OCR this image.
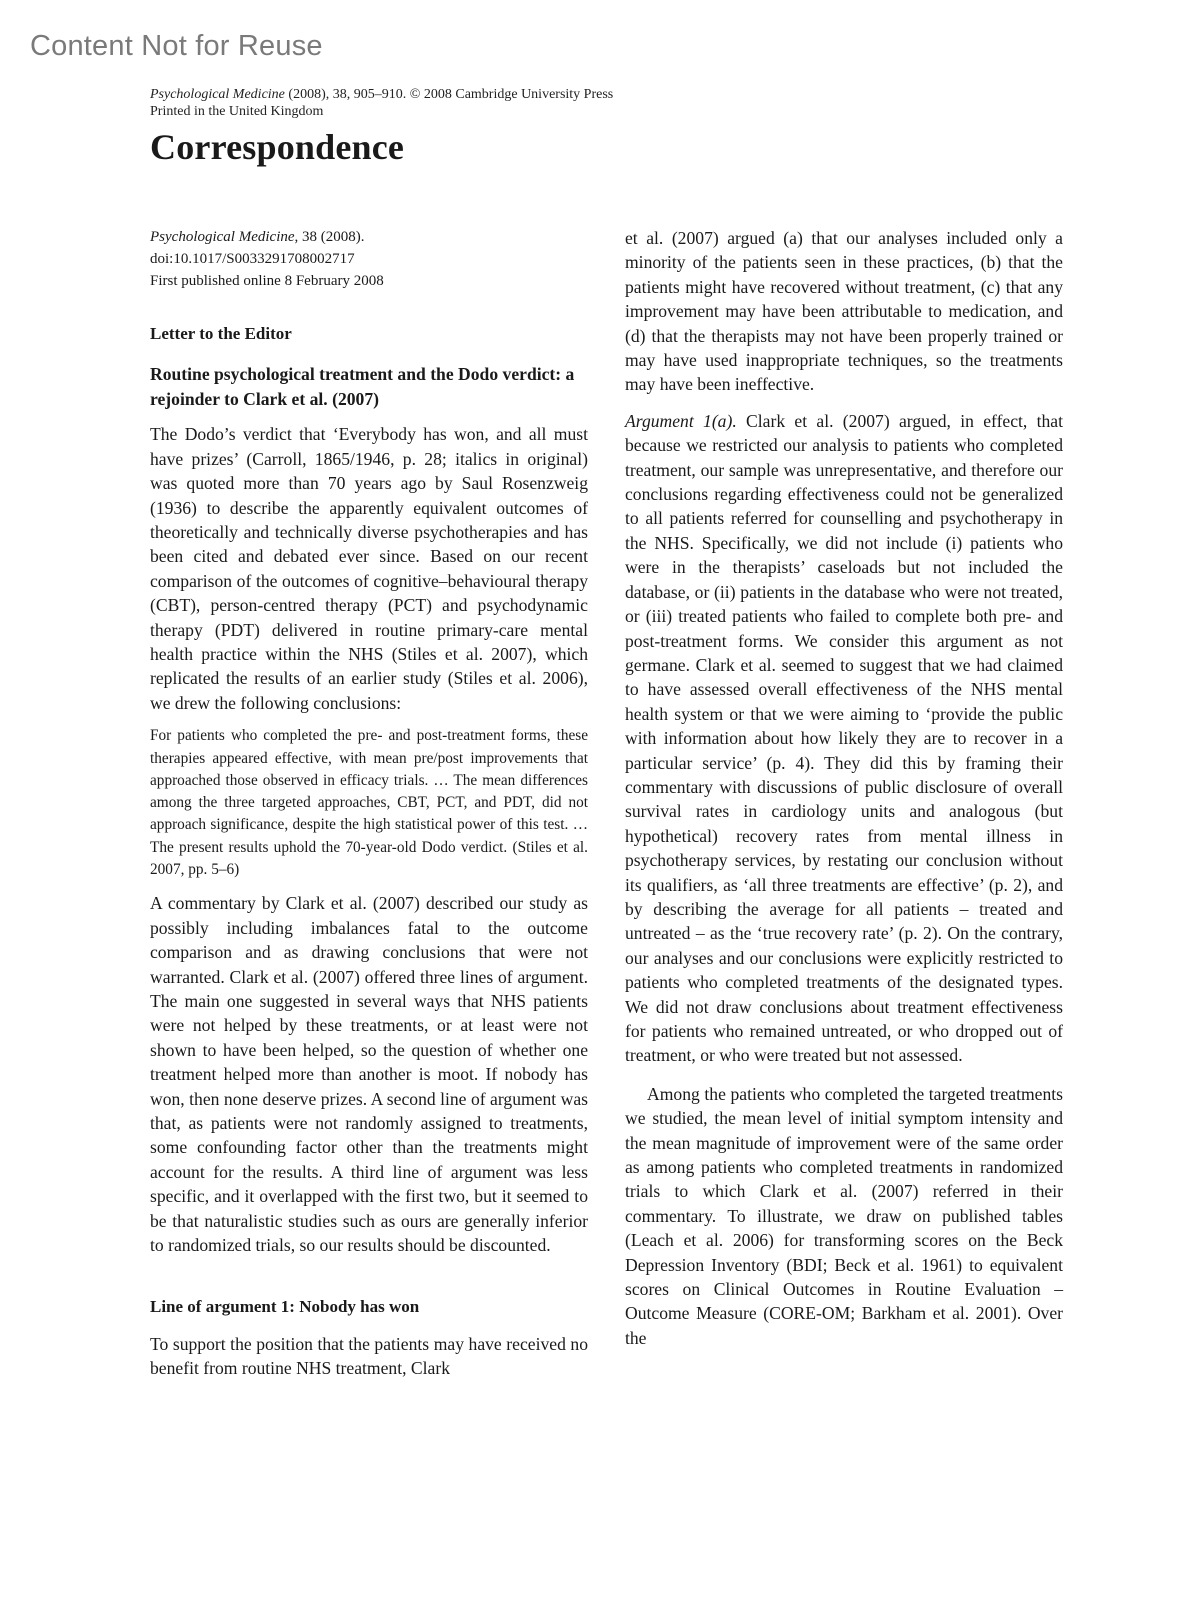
Content Not for Reuse
Psychological Medicine (2008), 38, 905–910. © 2008 Cambridge University Press
Printed in the United Kingdom
Correspondence
Psychological Medicine, 38 (2008).
doi:10.1017/S0033291708002717
First published online 8 February 2008
Letter to the Editor
Routine psychological treatment and the Dodo verdict: a rejoinder to Clark et al. (2007)

The Dodo’s verdict that ‘Everybody has won, and all must have prizes’ (Carroll, 1865/1946, p. 28; italics in original) was quoted more than 70 years ago by Saul Rosenzweig (1936) to describe the apparently equivalent outcomes of theoretically and technically diverse psychotherapies and has been cited and debated ever since. Based on our recent comparison of the outcomes of cognitive–behavioural therapy (CBT), person-centred therapy (PCT) and psychodynamic therapy (PDT) delivered in routine primary-care mental health practice within the NHS (Stiles et al. 2007), which replicated the results of an earlier study (Stiles et al. 2006), we drew the following conclusions:

For patients who completed the pre- and post-treatment forms, these therapies appeared effective, with mean pre/post improvements that approached those observed in efficacy trials. … The mean differences among the three targeted approaches, CBT, PCT, and PDT, did not approach significance, despite the high statistical power of this test. … The present results uphold the 70-year-old Dodo verdict. (Stiles et al. 2007, pp. 5–6)

A commentary by Clark et al. (2007) described our study as possibly including imbalances fatal to the outcome comparison and as drawing conclusions that were not warranted. Clark et al. (2007) offered three lines of argument. The main one suggested in several ways that NHS patients were not helped by these treatments, or at least were not shown to have been helped, so the question of whether one treatment helped more than another is moot. If nobody has won, then none deserve prizes. A second line of argument was that, as patients were not randomly assigned to treatments, some confounding factor other than the treatments might account for the results. A third line of argument was less specific, and it overlapped with the first two, but it seemed to be that naturalistic studies such as ours are generally inferior to randomized trials, so our results should be discounted.

Line of argument 1: Nobody has won

To support the position that the patients may have received no benefit from routine NHS treatment, Clark

et al. (2007) argued (a) that our analyses included only a minority of the patients seen in these practices, (b) that the patients might have recovered without treatment, (c) that any improvement may have been attributable to medication, and (d) that the therapists may not have been properly trained or may have used inappropriate techniques, so the treatments may have been ineffective.

Argument 1(a). Clark et al. (2007) argued, in effect, that because we restricted our analysis to patients who completed treatment, our sample was unrepresentative, and therefore our conclusions regarding effectiveness could not be generalized to all patients referred for counselling and psychotherapy in the NHS. Specifically, we did not include (i) patients who were in the therapists’ caseloads but not included the database, or (ii) patients in the database who were not treated, or (iii) treated patients who failed to complete both pre- and post-treatment forms. We consider this argument as not germane. Clark et al. seemed to suggest that we had claimed to have assessed overall effectiveness of the NHS mental health system or that we were aiming to ‘provide the public with information about how likely they are to recover in a particular service’ (p. 4). They did this by framing their commentary with discussions of public disclosure of overall survival rates in cardiology units and analogous (but hypothetical) recovery rates from mental illness in psychotherapy services, by restating our conclusion without its qualifiers, as ‘all three treatments are effective’ (p. 2), and by describing the average for all patients – treated and untreated – as the ‘true recovery rate’ (p. 2). On the contrary, our analyses and our conclusions were explicitly restricted to patients who completed treatments of the designated types. We did not draw conclusions about treatment effectiveness for patients who remained untreated, or who dropped out of treatment, or who were treated but not assessed.

Among the patients who completed the targeted treatments we studied, the mean level of initial symptom intensity and the mean magnitude of improvement were of the same order as among patients who completed treatments in randomized trials to which Clark et al. (2007) referred in their commentary. To illustrate, we draw on published tables (Leach et al. 2006) for transforming scores on the Beck Depression Inventory (BDI; Beck et al. 1961) to equivalent scores on Clinical Outcomes in Routine Evaluation – Outcome Measure (CORE-OM; Barkham et al. 2001). Over the
